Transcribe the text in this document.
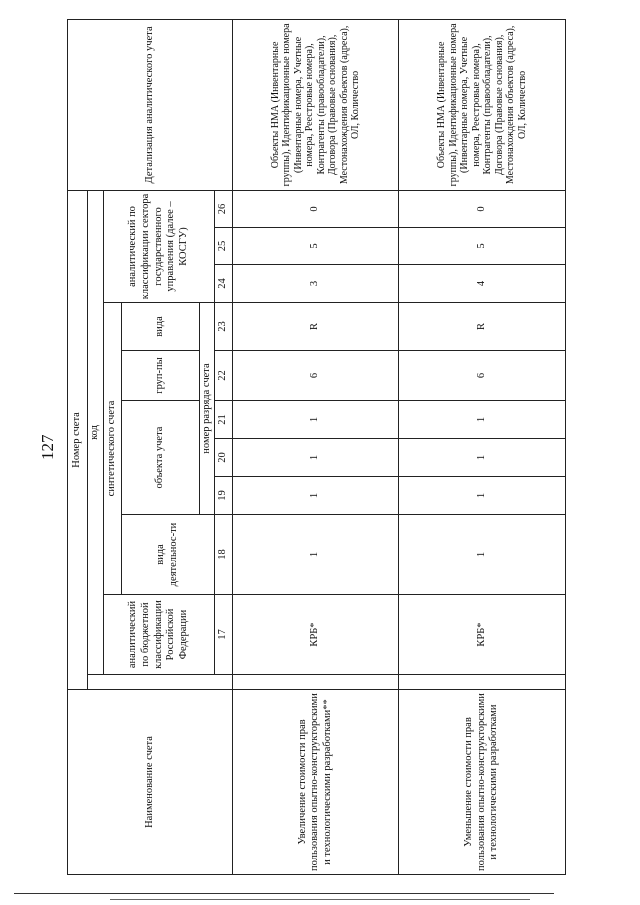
127
Наименование счета	Номер счета											Детализация аналитического учета
		код										
		аналитический по бюджетной классификации Российской Федерации	синтетического счета						аналитический по классификации сектора государственного управления (далее – КОСГУ)			
			вида деятельнос-ти	объекта учета			груп-пы	вида				
				номер разряда счета								
		17	18	19	20	21	22	23	24	25	26	
Увеличение стоимости прав пользования опытно-конструкторскими и технологическими разработками**		КРБ*	1	1	1	1	6	R	3	5	0	Объекты НМА (Инвентарные группы), Идентификационные номера (Инвентарные номера, Учетные номера, Реестровые номера), Контрагенты (правообладатели), Договора (Правовые основания), Местонахождения объектов (адреса), ОЛ, Количество
Уменьшение стоимости прав пользования опытно-конструкторскими и технологическими разработками		КРБ*	1	1	1	1	6	R	4	5	0	Объекты НМА (Инвентарные группы), Идентификационные номера (Инвентарные номера, Учетные номера, Реестровые номера), Контрагенты (правообладатели), Договора (Правовые основания), Местонахождения объектов (адреса), ОЛ, Количество
